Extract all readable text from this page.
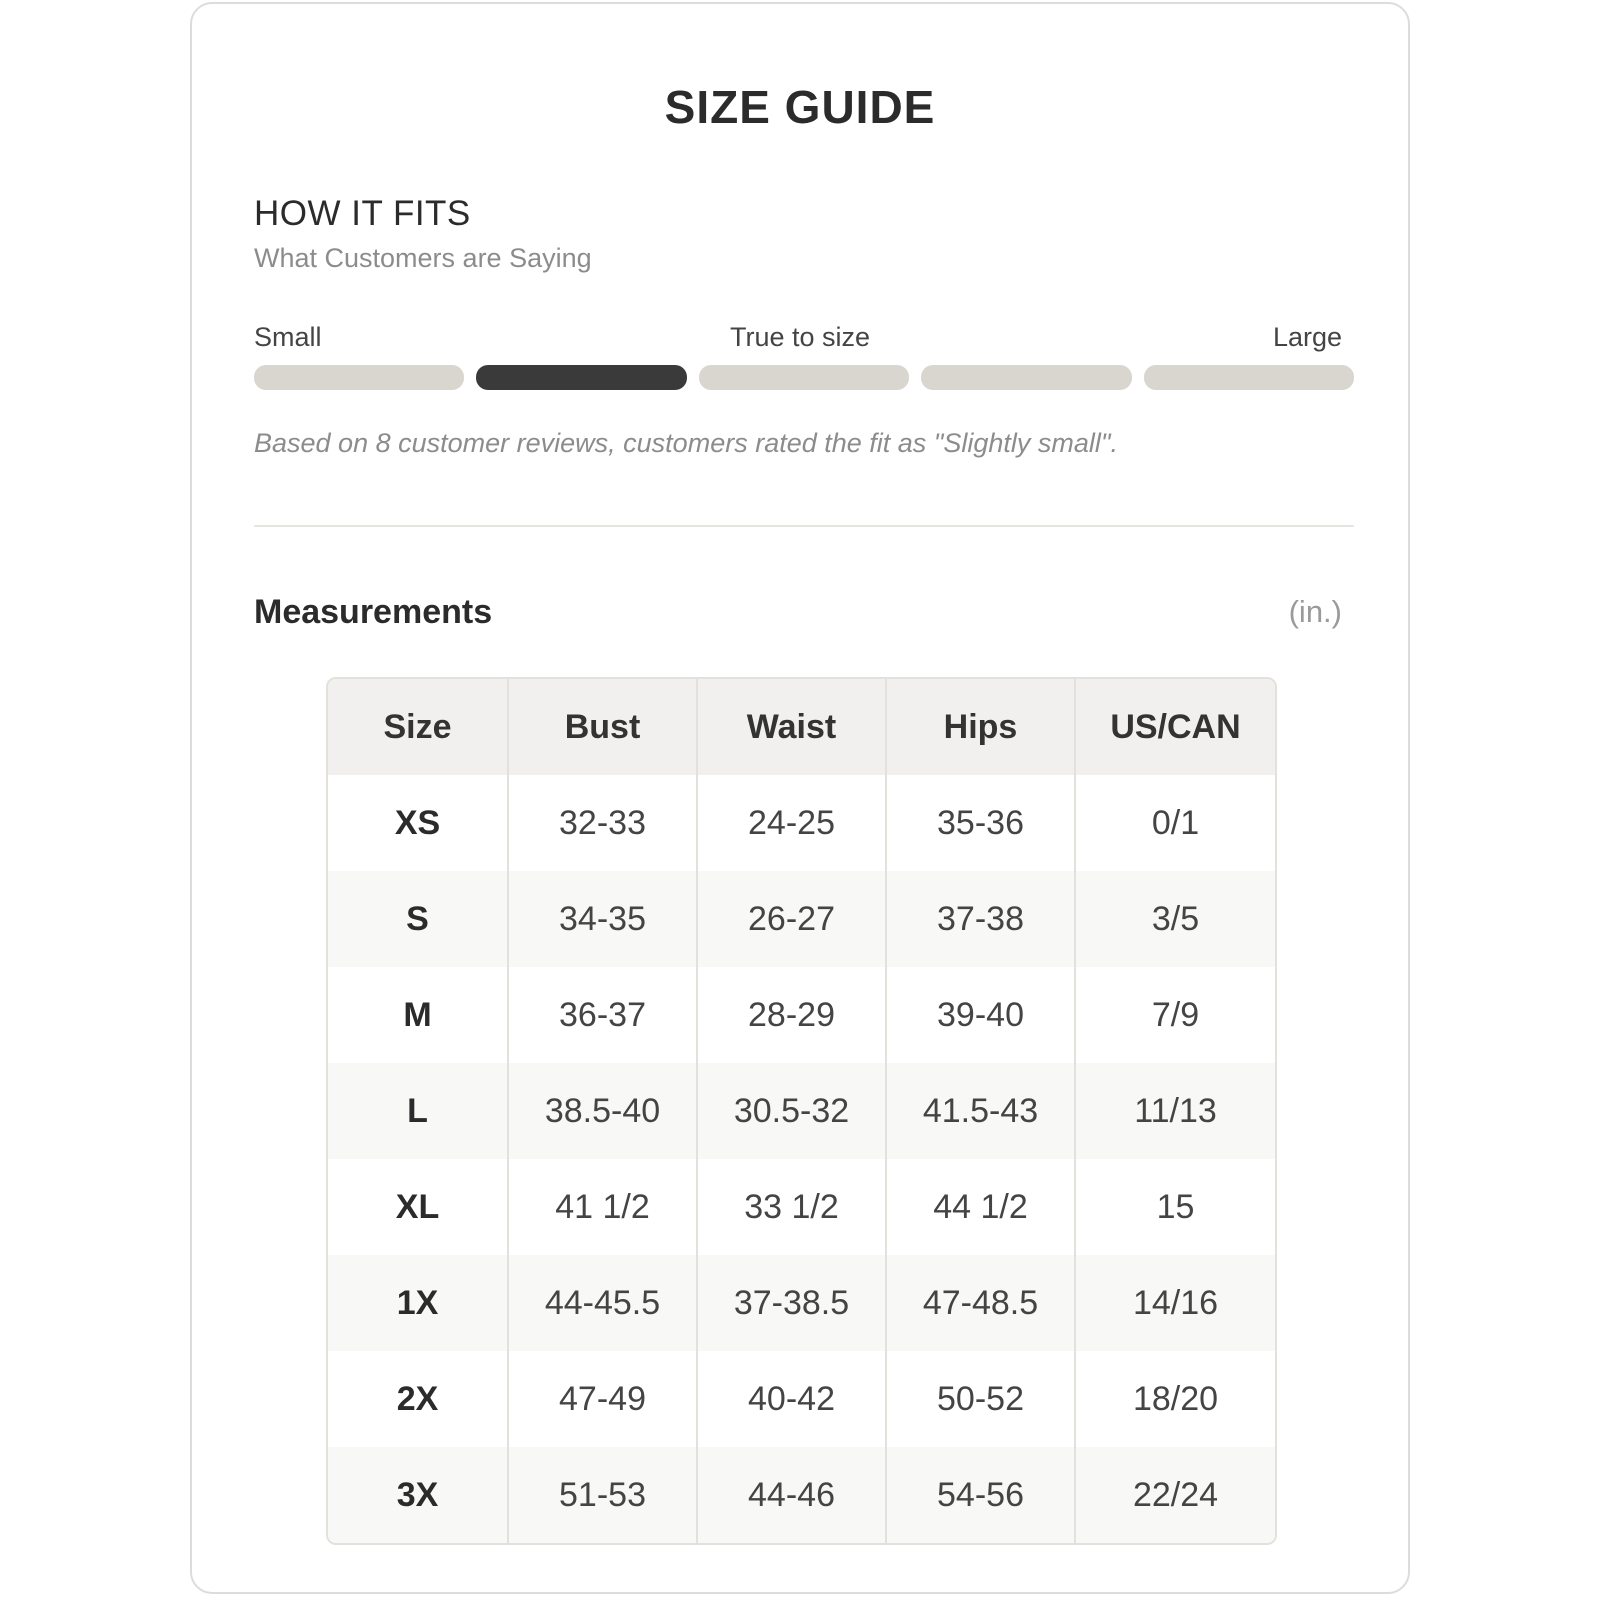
SIZE GUIDE
HOW IT FITS
What Customers are Saying
Small	True to size	Large
Based on 8 customer reviews, customers rated the fit as "Slightly small".
Measurements	(in.)
Size	Bust	Waist	Hips	US/CAN
XS	32-33	24-25	35-36	0/1
S	34-35	26-27	37-38	3/5
M	36-37	28-29	39-40	7/9
L	38.5-40	30.5-32	41.5-43	11/13
XL	41 1/2	33 1/2	44 1/2	15
1X	44-45.5	37-38.5	47-48.5	14/16
2X	47-49	40-42	50-52	18/20
3X	51-53	44-46	54-56	22/24
